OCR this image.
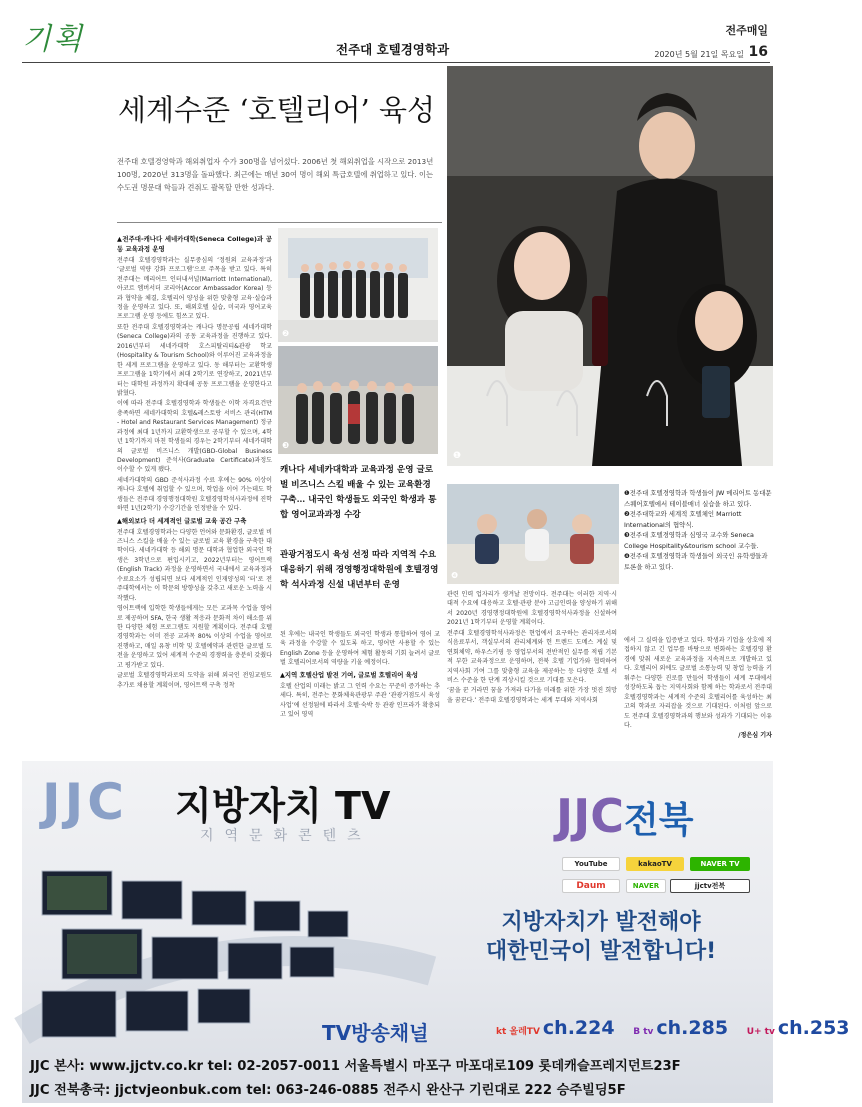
기획	전주대 호텔경영학과
전주매일
2020년 5월 21일 목요일 16
세계수준 ‘호텔리어’ 육성
전주대 호텔경영학과 해외취업자 수가 300명을 넘어섰다. 2006년 첫 해외취업을 시작으로 2013년 100명, 2020년 313명을 돌파했다. 최근에는 매년 30여 명이 해외 특급호텔에 취업하고 있다. 이는 수도권 명문대 학들과 견줘도 괄목할 만한 성과다.
❶
❷
❸
❹

▲전주대-캐나다 세네카대학(Seneca College)과 공동 교육과정 운영

전주대 호텔경영학과는 실무중심의 ‘정원외 교육과정’과 ‘글로벌 역량 강화 프로그램’으로 주목을 받고 있다. 특히 전주대는 메리어트 인터내셔널(Marriott International), 아코르 엠버서더 코리아(Accor Ambassador Korea) 등과 협약을 체결, 호텔리어 양성을 위한 맞춤형 교육·실습과정을 운영하고 있다. 또, 해외호텔 실습, 미국과 영어교육 프로그램 운영 등에도 힘쓰고 있다.

또한 전주대 호텔경영학과는 캐나다 명문공립 세네카대학(Seneca College)과의 공동 교육과정을 진행하고 있다. 2016년부터 세네카대학 호스피탈리티&관광 학교(Hospitality & Tourism School)와 이루어진 교육과정을 한 세계 프로그램을 운영하고 있다. 동 해부터는 교환학생 프로그램을 1학기에서 최대 2학기로 연장하고, 2021년부터는 대학원 과정까지 확대해 공동 프로그램을 운영한다고 밝혔다.

이에 따라 전주대 호텔경영학과 학생들은 이학 자격요건만 충족하면 세네카대학의 호텔&레스토랑 서비스 관리(HTM - Hotel and Restaurant Services Management) 정규과정에 최대 1년까지 교환학생으로 공부할 수 있으며, 4학년 1학기까지 마친 학생들의 경우는 2학기부터 세네카대학의 글로벌 비즈니스 개발(GBD-Global Business Development) 준석사(Graduate Certificate)과정도 이수할 수 있게 됐다.

세네카대학의 GBD 준석사과정 수료 후에는 90% 이상이 캐나다 호텔에 취업할 수 있으며, 학업을 이어 가는데도 학생들은 전주대 경영행정대학원 호텔경영학석사과정에 진학하면 1년(2학기) 수강기간을 인정받을 수 있다.

▲해외보다 더 세계적인 글로벌 교육 공간 구축

전주대 호텔경영학과는 다양한 언어와 문화환경, 글로벌 비즈니스 스킬을 배울 수 있는 글로벌 교육 환경을 구축한 대학이다. 세네카대학 등 해외 명문 대학과 협업한 외국인 학생은 3학년으로 편입시키고, 2022년부터는 영어트랙(English Track) 과정을 운영하면서 국내에서 교육과정과 수료요소가 성립되면 보다 세계적인 인재양성의 ‘터’로 전주대학에서는 이 학문의 방향성을 갖추고 새로운 노력을 시작했다.

영어트랙에 입학한 학생들에게는 모든 교과목 수업을 영어로 제공하며 SFA, 한국 생활 적응과 문화적 차이 해소를 위한 다양한 체험 프로그램도 지원할 계획이다. 전주대 호텔경영학과는 이미 전공 교과목 80% 이상의 수업을 영어로 진행하고, 매일 유창 비학 및 호텔예약과 관련한 글로벌 도전을 운영하고 있어 세계적 수준의 경쟁력을 충분히 갖췄다고 평가받고 있다.

글로벌 호텔경영학과로의 도약을 위해 외국인 전임교원도 추가로 채용할 계획이며, 영어트랙 구축 정착

캐나다 세네카대학과 교육과정 운영 글로벌 비즈니스 스킬 배울 수 있는 교육환경 구축… 내국인 학생들도 외국인 학생과 통합 영어교과과정 수강
관광거점도시 육성 선정 따라 지역적 수요 대응하기 위해 경영행정대학원에 호텔경영학 석사과정 신설 내년부터 운영

된 후에는 내국인 학생들도 외국인 학생과 통합하여 영어 교육 과정을 수강할 수 있도록 하고, 영어만 사용할 수 있는 English Zone 등을 운영하여 체험 활동의 기회 늘려서 글로벌 호텔리어로서의 역량을 키울 예정이다.

▲지역 호텔산업 발전 기여, 글로벌 호텔리어 육성

호텔 산업의 미래는 밝고 그 인력 수요는 꾸준히 증가하는 추세다. 특히, 전주는 문화체육관광부 주관 ‘관광거점도시 육성 사업’에 선정됨에 따라서 호텔·숙박 등 관광 인프라가 확충되고 있어 영역

관련 인력 업자리가 생겨날 전망이다. 전주대는 이러한 지역·시대적 수요에 대응하고 호텔·관광 분야 고급인력을 양성하기 위해서 2020년 경영행정대학원에 호텔경영학석사과정을 신설하여 2021년 1학기부터 운영할 계획이다.

전주대 호텔경영학석사과정은 현업에서 요구하는 관리자로서의 식음료부서, 객실부서의 관리체계와 헌 트렌드 도메스 계실 및 연회체약, 하우스키핑 등 영업부서의 전반적인 실무를 적립 기본적 부한 교육과정으로 운영하며, 전북 호텔 기업가와 협력하여 지역사회 기여 그를 맞춤형 교육을 제공하는 등 다양한 호텔 서비스 수준을 한 단계 격상시킬 것으로 기대를 모은다.

‘꿈을 꾼 거라면 꿈을 가져라 다가올 미래를 위한 가장 멋진 희망을 꿈꾼다.’ 전주대 호텔경영학과는 세계 무대와 지역사회

❶전주대 호텔경영학과 학생들이 JW 메리어트 동대문스퀘어호텔에서 테이블매너 실습을 하고 있다.

❷전주대학교와 세계적 호텔체인 Marriott International의 협약식.

❸전주대 호텔경영학과 심영국 교수와 Seneca College Hospitality&tourism school 교수들.

❹전주대 호텔경영학과 학생들이 외국인 유학생들과 토론을 하고 있다.

에서 그 실력을 입증받고 있다. 학생과 기업을 상호에 직접하지 않고 긴 업무를 바탕으로 변화하는 호텔경영 환경에 맞춰 새로운 교육과정을 지속적으로 개발하고 있다. 호텔리어 외에도 글로벌 소통능력 및 창업 능력을 키워주는 다양한 진로를 만들어 학생들이 세계 무대에서 성장하도록 돕는 지역사회와 함께 하는 학과로서 전주대 호텔경영학과는 세계적 수준의 호텔리어를 육성하는 최고의 학과로 자리잡을 것으로 기대된다. 이처럼 앞으로도 전주대 호텔경영학과의 행보와 성과가 기대되는 이유다.

/정은심 기자

JJC 지방자치 TV
지역문화콘텐츠	JJC전북
YouTube	kakaoTV	NAVER TV
Daum	NAVER	jjctv전북
지방자치가 발전해야
대한민국이 발전합니다!
TV방송채널	kt 올레TV ch.224 B tv ch.285 U+ tv ch.253
JJC 본사: www.jjctv.co.kr tel: 02-2057-0011 서울특별시 마포구 마포대로109 롯데캐슬프레지던트23F
JJC 전북총국: jjctvjeonbuk.com tel: 063-246-0885 전주시 완산구 기린대로 222 승주빌딩5F
